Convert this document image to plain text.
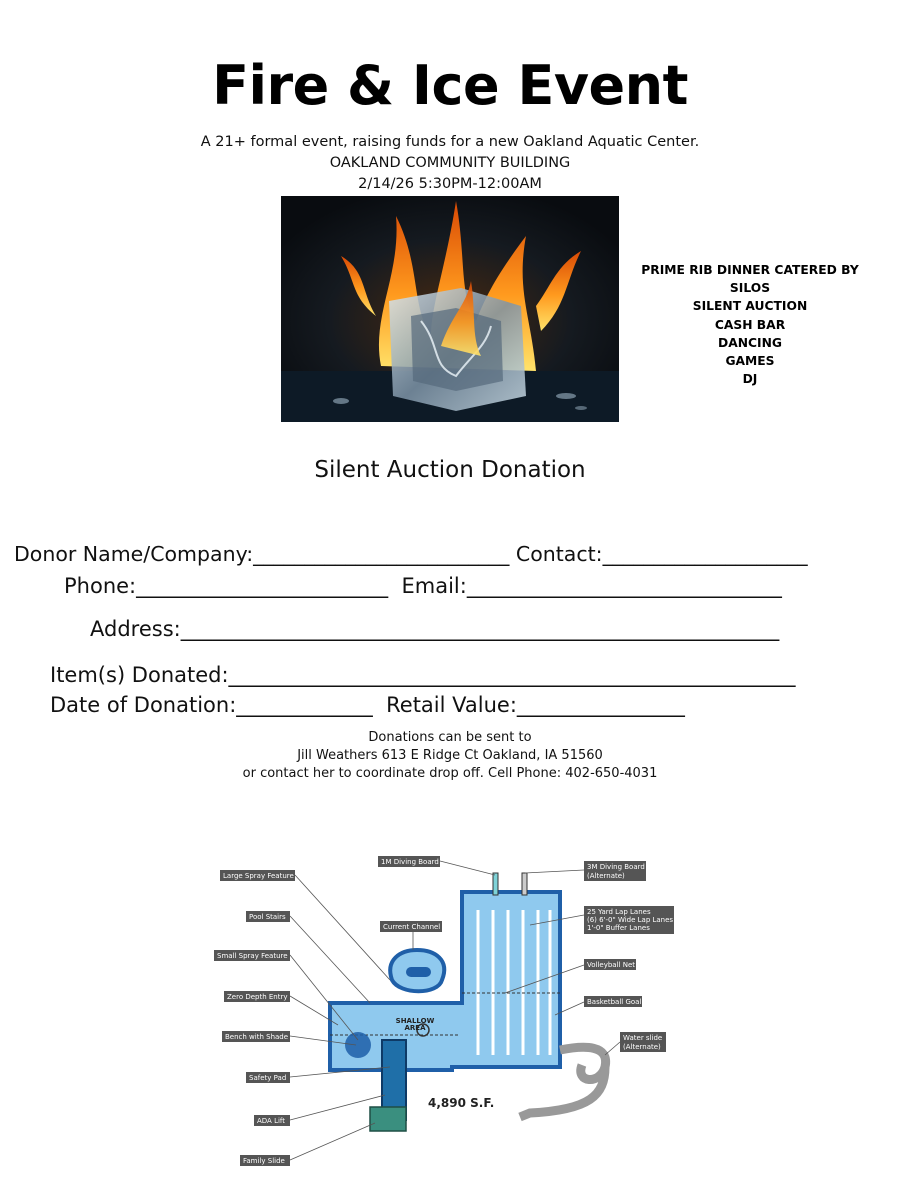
Fire & Ice Event
A 21+ formal event, raising funds for a new Oakland Aquatic Center.
OAKLAND COMMUNITY BUILDING
2/14/26 5:30PM-12:00AM
PRIME RIB DINNER CATERED BY SILOS
SILENT AUCTION
CASH BAR
DANCING
GAMES
DJ
Silent Auction Donation
Donor Name/Company:_________________________ Contact:____________________
Phone:________________________  Email:______________________________
Address:_________________________________________________________
Item(s) Donated:______________________________________________________
Date of Donation:_____________  Retail Value:________________
Donations can be sent to
Jill Weathers 613 E Ridge Ct Oakland, IA 51560
or contact her to coordinate drop off. Cell Phone: 402-650-4031
SHALLOW
AREA
4,890 S.F.
Large Spray Feature
Pool Stairs
Small Spray Feature
Zero Depth Entry
Bench with Shade
Safety Pad
ADA Lift
Family Slide
1M Diving Board
Current Channel
3M Diving Board
(Alternate)
25 Yard Lap Lanes
(6) 6'-0" Wide Lap Lanes
1'-0" Buffer Lanes
Volleyball Net
Basketball Goal
Water slide
(Alternate)
